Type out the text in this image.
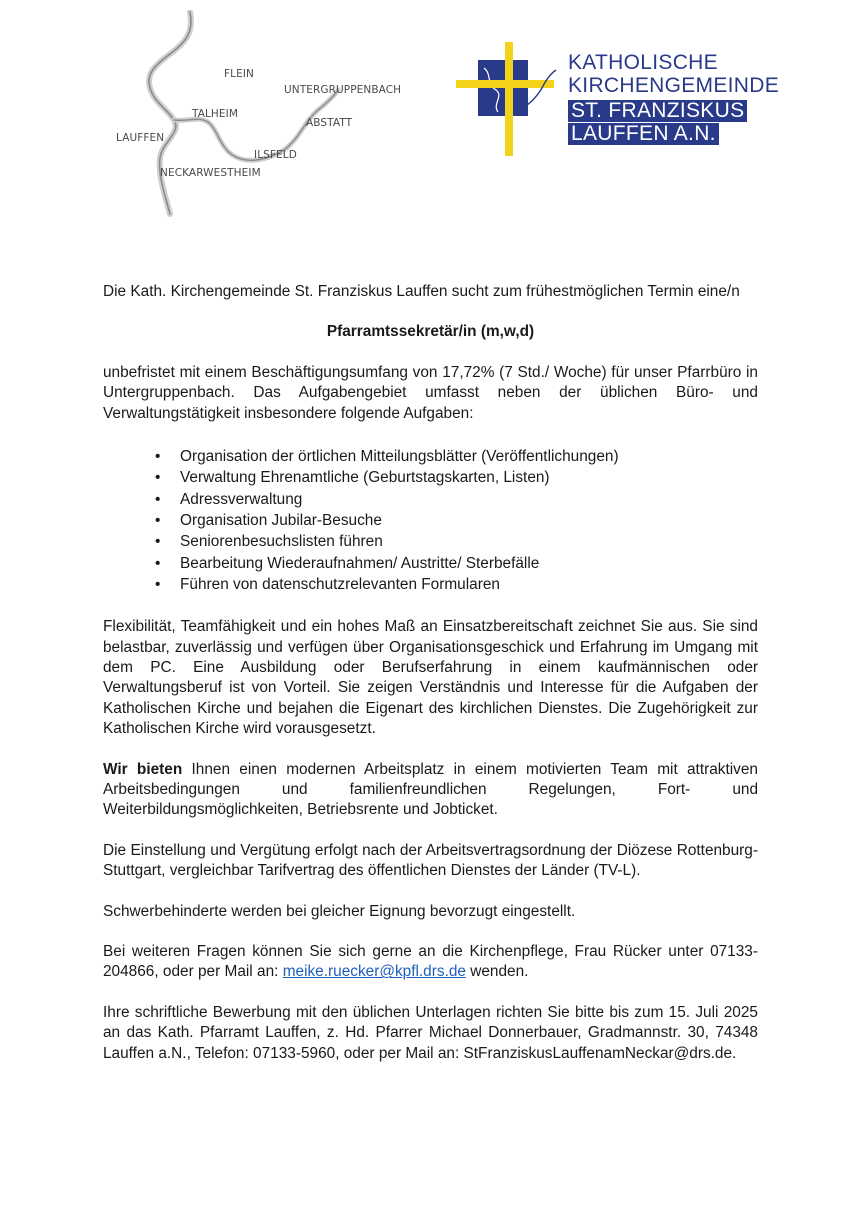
FLEIN
UNTERGRUPPENBACH
TALHEIM
ABSTATT
LAUFFEN
ILSFELD
NECKARWESTHEIM
KATHOLISCHE
KIRCHENGEMEINDE
ST. FRANZISKUS
LAUFFEN A.N.

Die Kath. Kirchengemeinde St. Franziskus Lauffen sucht zum frühestmöglichen Termin eine/n

Pfarramtssekretär/in (m,w,d)

unbefristet mit einem Beschäftigungsumfang von 17,72% (7 Std./ Woche) für unser Pfarrbüro in Untergruppenbach. Das Aufgabengebiet umfasst neben der üblichen Büro- und Verwaltungstätigkeit insbesondere folgende Aufgaben:

• Organisation der örtlichen Mitteilungsblätter (Veröffentlichungen)
• Verwaltung Ehrenamtliche (Geburtstagskarten, Listen)
• Adressverwaltung
• Organisation Jubilar-Besuche
• Seniorenbesuchslisten führen
• Bearbeitung Wiederaufnahmen/ Austritte/ Sterbefälle
• Führen von datenschutzrelevanten Formularen

Flexibilität, Teamfähigkeit und ein hohes Maß an Einsatzbereitschaft zeichnet Sie aus. Sie sind belastbar, zuverlässig und verfügen über Organisationsgeschick und Erfahrung im Umgang mit dem PC. Eine Ausbildung oder Berufserfahrung in einem kaufmännischen oder Verwaltungsberuf ist von Vorteil. Sie zeigen Verständnis und Interesse für die Aufgaben der Katholischen Kirche und bejahen die Eigenart des kirchlichen Dienstes. Die Zugehörigkeit zur Katholischen Kirche wird vorausgesetzt.

Wir bieten Ihnen einen modernen Arbeitsplatz in einem motivierten Team mit attraktiven Arbeitsbedingungen und familienfreundlichen Regelungen, Fort- und Weiterbildungsmöglichkeiten, Betriebsrente und Jobticket.

Die Einstellung und Vergütung erfolgt nach der Arbeitsvertragsordnung der Diözese Rottenburg-Stuttgart, vergleichbar Tarifvertrag des öffentlichen Dienstes der Länder (TV-L).

Schwerbehinderte werden bei gleicher Eignung bevorzugt eingestellt.

Bei weiteren Fragen können Sie sich gerne an die Kirchenpflege, Frau Rücker unter 07133-204866, oder per Mail an: meike.ruecker@kpfl.drs.de wenden.

Ihre schriftliche Bewerbung mit den üblichen Unterlagen richten Sie bitte bis zum 15. Juli 2025 an das Kath. Pfarramt Lauffen, z. Hd. Pfarrer Michael Donnerbauer, Gradmannstr. 30, 74348 Lauffen a.N., Telefon: 07133-5960, oder per Mail an: StFranziskusLauffenamNeckar@drs.de.
